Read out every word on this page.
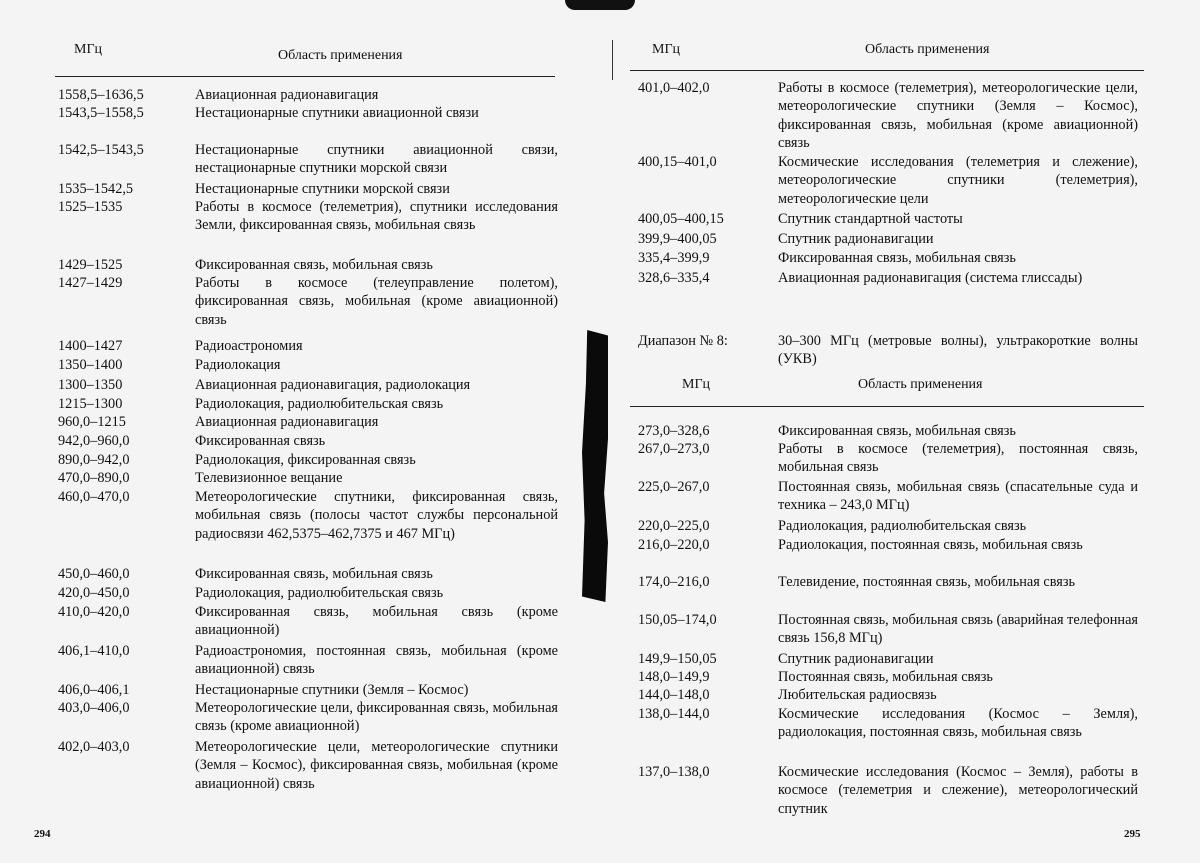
МГц	Область применения
1558,5–1636,5	Авиационная радионавигация
1543,5–1558,5	Нестационарные спутники авиационной связи
1542,5–1543,5	Нестационарные спутники авиационной связи, нестационарные спутники морской связи
1535–1542,5	Нестационарные спутники морской связи
1525–1535	Работы в космосе (телеметрия), спутники исследования Земли, фиксированная связь, мобильная связь
1429–1525	Фиксированная связь, мобильная связь
1427–1429	Работы в космосе (телеуправление полетом), фиксированная связь, мобильная (кроме авиационной) связь
1400–1427	Радиоастрономия
1350–1400	Радиолокация
1300–1350	Авиационная радионавигация, радиолокация
1215–1300	Радиолокация, радиолюбительская связь
960,0–1215	Авиационная радионавигация
942,0–960,0	Фиксированная связь
890,0–942,0	Радиолокация, фиксированная связь
470,0–890,0	Телевизионное вещание
460,0–470,0	Метеорологические спутники, фиксированная связь, мобильная связь (полосы частот службы персональной радиосвязи 462,5375–462,7375 и 467 МГц)
450,0–460,0	Фиксированная связь, мобильная связь
420,0–450,0	Радиолокация, радиолюбительская связь
410,0–420,0	Фиксированная связь, мобильная связь (кроме авиационной)
406,1–410,0	Радиоастрономия, постоянная связь, мобильная (кроме авиационной) связь
406,0–406,1	Нестационарные спутники (Земля – Космос)
403,0–406,0	Метеорологические цели, фиксированная связь, мобильная связь (кроме авиационной)
402,0–403,0	Метеорологические цели, метеорологические спутники (Земля – Космос), фиксированная связь, мобильная (кроме авиационной) связь
294
МГц	Область применения
401,0–402,0	Работы в космосе (телеметрия), метеорологические цели, метеорологические спутники (Земля – Космос), фиксированная связь, мобильная (кроме авиационной) связь
400,15–401,0	Космические исследования (телеметрия и слежение), метеорологические спутники (телеметрия), метеорологические цели
400,05–400,15	Спутник стандартной частоты
399,9–400,05	Спутник радионавигации
335,4–399,9	Фиксированная связь, мобильная связь
328,6–335,4	Авиационная радионавигация (система глиссады)
Диапазон № 8:	30–300 МГц (метровые волны), ультракороткие волны (УКВ)
МГц	Область применения
273,0–328,6	Фиксированная связь, мобильная связь
267,0–273,0	Работы в космосе (телеметрия), постоянная связь, мобильная связь
225,0–267,0	Постоянная связь, мобильная связь (спасательные суда и техника – 243,0 МГц)
220,0–225,0	Радиолокация, радиолюбительская связь
216,0–220,0	Радиолокация, постоянная связь, мобильная связь
174,0–216,0	Телевидение, постоянная связь, мобильная связь
150,05–174,0	Постоянная связь, мобильная связь (аварийная телефонная связь 156,8 МГц)
149,9–150,05	Спутник радионавигации
148,0–149,9	Постоянная связь, мобильная связь
144,0–148,0	Любительская радиосвязь
138,0–144,0	Космические исследования (Космос – Земля), радиолокация, постоянная связь, мобильная связь
137,0–138,0	Космические исследования (Космос – Земля), работы в космосе (телеметрия и слежение), метеорологический спутник
295
